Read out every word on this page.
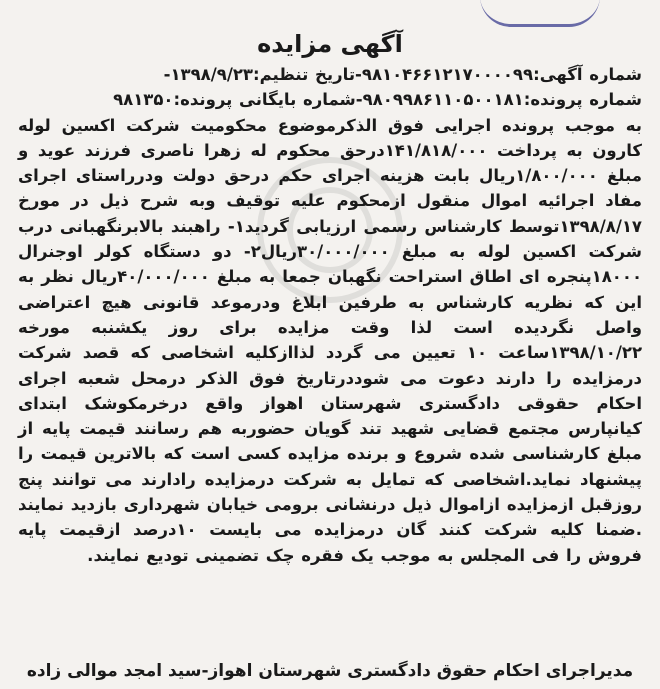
آگهی مزایده

شماره آگهی:۹۸۱۰۴۶۶۱۲۱۷۰۰۰۰۹۹-تاریخ تنظیم:۱۳۹۸/۹/۲۳-

شماره پرونده:۹۸۰۹۹۸۶۱۱۰۵۰۰۱۸۱-شماره بایگانی پرونده:۹۸۱۳۵۰

به موجب پرونده اجرایی فوق الذکرموضوع محکومیت شرکت اکسین لوله کارون به پرداخت ۱۴۱/۸۱۸/۰۰۰درحق محکوم له زهرا ناصری فرزند عوید و مبلغ ۱/۸۰۰/۰۰۰ریال بابت هزینه اجرای حکم درحق دولت ودرراستای اجرای مفاد اجرائیه اموال منقول ازمحکوم علیه توقیف وبه شرح ذیل در مورخ ۱۳۹۸/۸/۱۷توسط کارشناس رسمی ارزیابی گردید۱- راهبند بالابرنگهبانی درب شرکت اکسین لوله به مبلغ ۳۰/۰۰۰/۰۰۰ریال۲- دو دستگاه کولر اوجنرال ۱۸۰۰۰پنجره ای اطاق استراحت نگهبان جمعا به مبلغ ۴۰/۰۰۰/۰۰۰ریال نظر به این که نظریه کارشناس به طرفین ابلاغ ودرموعد قانونی هیچ اعتراضی واصل نگردیده است لذا وقت مزایده برای روز یکشنبه مورخه ۱۳۹۸/۱۰/۲۲ساعت ۱۰ تعیین می گردد لذاازکلیه اشخاصی که قصد شرکت درمزایده را دارند دعوت می شوددرتاریخ فوق الذکر درمحل شعبه اجرای احکام حقوقی دادگستری شهرستان اهواز واقع درخرمکوشک ابتدای کیانپارس مجتمع قضایی شهید تند گویان حضوربه هم رسانند قیمت پایه از مبلغ کارشناسی شده شروع و برنده مزایده کسی است که بالاترین قیمت را پیشنهاد نماید.اشخاصی که تمایل به شرکت درمزایده رادارند می توانند پنج روزقبل ازمزایده ازاموال ذیل درنشانی برومی خیابان شهرداری بازدید نمایند .ضمنا کلیه شرکت کنند گان درمزایده می بایست ۱۰درصد ازقیمت پایه فروش را فی المجلس به موجب یک فقره چک تضمینی تودیع نمایند.

مدیراجرای احکام حقوق دادگستری شهرستان اهواز-سید امجد موالی زاده
